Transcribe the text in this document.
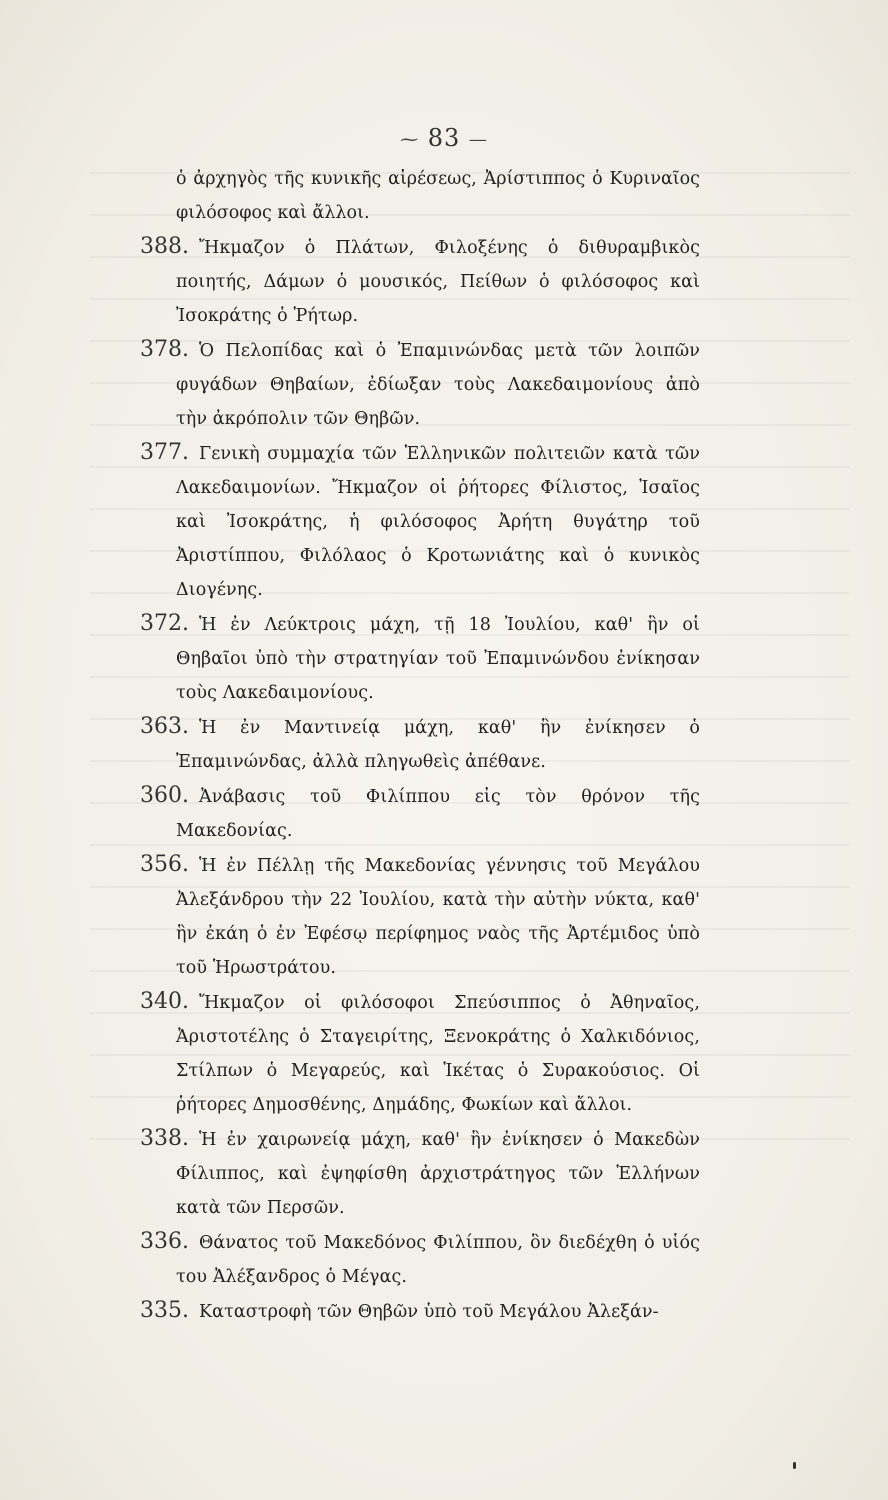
⁓ 83 —

ὁ ἀρχηγὸς τῆς κυνικῆς αἱρέσεως, Ἀρίστιππος ὁ Κυριναῖος φιλόσοφος καὶ ἄλλοι.

388. Ἤκμαζον ὁ Πλάτων, Φιλοξένης ὁ διθυραμβικὸς ποιητής, Δάμων ὁ μουσικός, Πείθων ὁ φιλόσοφος καὶ Ἰσοκράτης ὁ Ῥήτωρ.

378. Ὁ Πελοπίδας καὶ ὁ Ἐπαμινώνδας μετὰ τῶν λοιπῶν φυγάδων Θηβαίων, ἐδίωξαν τοὺς Λακεδαιμονίους ἀπὸ τὴν ἀκρόπολιν τῶν Θηβῶν.

377. Γενικὴ συμμαχία τῶν Ἑλληνικῶν πολιτειῶν κατὰ τῶν Λακεδαιμονίων. Ἤκμαζον οἱ ῥήτορες Φίλιστος, Ἰσαῖος καὶ Ἰσοκράτης, ἡ φιλόσοφος Ἀρήτη θυγάτηρ τοῦ Ἀριστίππου, Φιλόλαος ὁ Κροτωνιάτης καὶ ὁ κυνικὸς Διογένης.

372. Ἡ ἐν Λεύκτροις μάχη, τῇ 18 Ἰουλίου, καθ' ἣν οἱ Θηβαῖοι ὑπὸ τὴν στρατηγίαν τοῦ Ἐπαμινώνδου ἐνίκησαν τοὺς Λακεδαιμονίους.

363. Ἡ ἐν Μαντινείᾳ μάχη, καθ' ἣν ἐνίκησεν ὁ Ἐπαμινώνδας, ἀλλὰ πληγωθεὶς ἀπέθανε.

360. Ἀνάβασις τοῦ Φιλίππου εἰς τὸν θρόνον τῆς Μακεδονίας.

356. Ἡ ἐν Πέλλῃ τῆς Μακεδονίας γέννησις τοῦ Μεγάλου Ἀλεξάνδρου τὴν 22 Ἰουλίου, κατὰ τὴν αὐτὴν νύκτα, καθ' ἣν ἐκάη ὁ ἐν Ἐφέσῳ περίφημος ναὸς τῆς Ἀρτέμιδος ὑπὸ τοῦ Ἡρωστράτου.

340. Ἤκμαζον οἱ φιλόσοφοι Σπεύσιππος ὁ Ἀθηναῖος, Ἀριστοτέλης ὁ Σταγειρίτης, Ξενοκράτης ὁ Χαλκιδόνιος, Στίλπων ὁ Μεγαρεύς, καὶ Ἱκέτας ὁ Συρακούσιος. Οἱ ῥήτορες Δημοσθένης, Δημάδης, Φωκίων καὶ ἄλλοι.

338. Ἡ ἐν χαιρωνείᾳ μάχη, καθ' ἣν ἐνίκησεν ὁ Μακεδὼν Φίλιππος, καὶ ἐψηφίσθη ἀρχιστράτηγος τῶν Ἑλλήνων κατὰ τῶν Περσῶν.

336. Θάνατος τοῦ Μακεδόνος Φιλίππου, ὃν διεδέχθη ὁ υἱός του Ἀλέξανδρος ὁ Μέγας.

335. Καταστροφὴ τῶν Θηβῶν ὑπὸ τοῦ Μεγάλου Ἀλεξάν-
